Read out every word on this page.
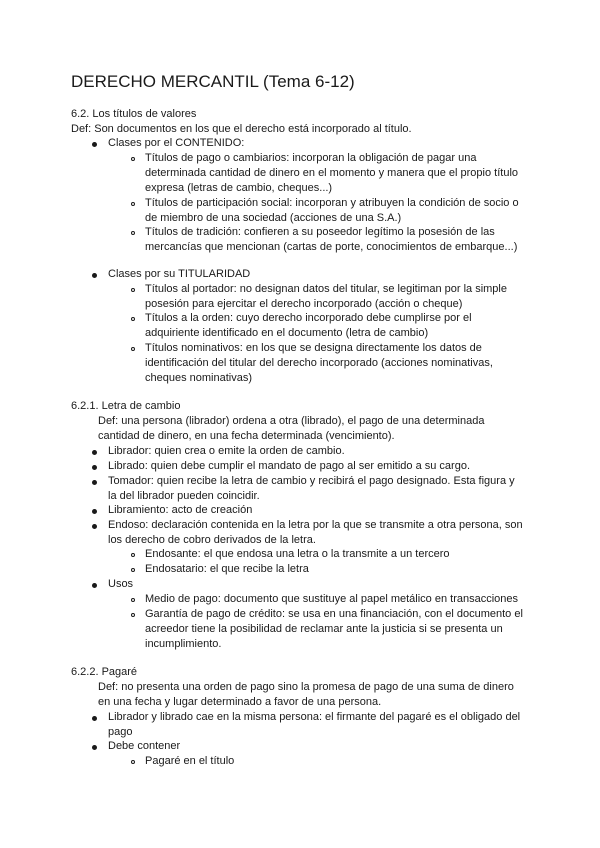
DERECHO MERCANTIL (Tema 6-12)
6.2. Los títulos de valores
Def: Son documentos en los que el derecho está incorporado al título.
Clases por el CONTENIDO:
Títulos de pago o cambiarios: incorporan la obligación de pagar una
determinada cantidad de dinero en el momento y manera que el propio título
expresa (letras de cambio, cheques...)
Títulos de participación social: incorporan y atribuyen la condición de socio o
de miembro de una sociedad (acciones de una S.A.)
Títulos de tradición: confieren a su poseedor legítimo la posesión de las
mercancías que mencionan (cartas de porte, conocimientos de embarque...)
Clases por su TITULARIDAD
Títulos al portador: no designan datos del titular, se legitiman por la simple
posesión para ejercitar el derecho incorporado (acción o cheque)
Títulos a la orden: cuyo derecho incorporado debe cumplirse por el
adquiriente identificado en el documento (letra de cambio)
Títulos nominativos: en los que se designa directamente los datos de
identificación del titular del derecho incorporado (acciones nominativas,
cheques nominativas)
6.2.1. Letra de cambio
Def: una persona (librador) ordena a otra (librado), el pago de una determinada
cantidad de dinero, en una fecha determinada (vencimiento).
Librador: quien crea o emite la orden de cambio.
Librado: quien debe cumplir el mandato de pago al ser emitido a su cargo.
Tomador: quien recibe la letra de cambio y recibirá el pago designado. Esta figura y
la del librador pueden coincidir.
Libramiento: acto de creación
Endoso: declaración contenida en la letra por la que se transmite a otra persona, son
los derecho de cobro derivados de la letra.
Endosante: el que endosa una letra o la transmite a un tercero
Endosatario: el que recibe la letra
Usos
Medio de pago: documento que sustituye al papel metálico en transacciones
Garantía de pago de crédito: se usa en una financiación, con el documento el
acreedor tiene la posibilidad de reclamar ante la justicia si se presenta un
incumplimiento.
6.2.2. Pagaré
Def: no presenta una orden de pago sino la promesa de pago de una suma de dinero
en una fecha y lugar determinado a favor de una persona.
Librador y librado cae en la misma persona: el firmante del pagaré es el obligado del
pago
Debe contener
Pagaré en el título
